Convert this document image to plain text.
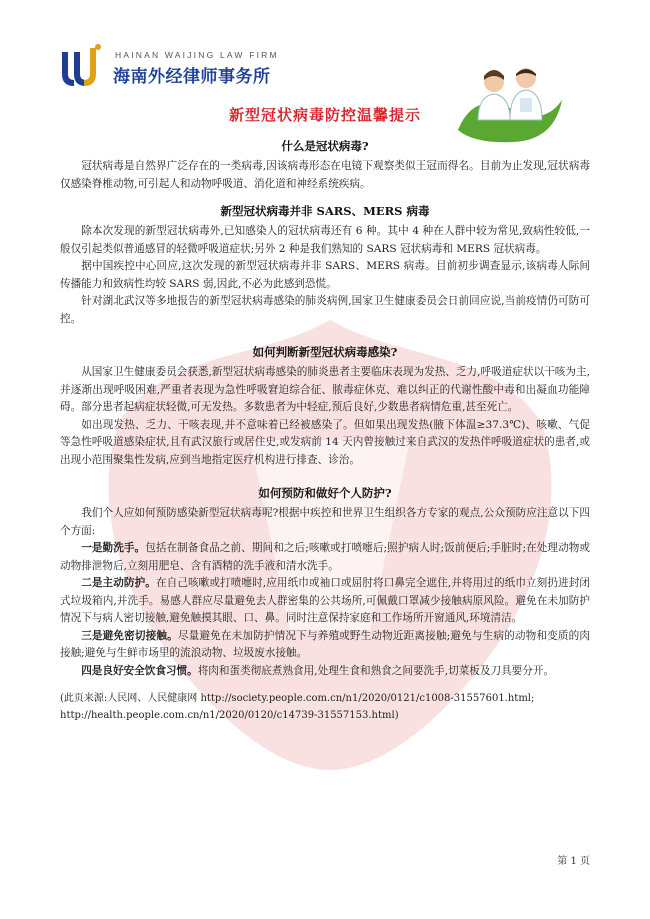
HAINAN WAIJING LAW FIRM
海南外经律师事务所
新型冠状病毒防控温馨提示
什么是冠状病毒?

冠状病毒是自然界广泛存在的一类病毒,因该病毒形态在电镜下观察类似王冠而得名。目前为止发现,冠状病毒仅感染脊椎动物,可引起人和动物呼吸道、消化道和神经系统疾病。

新型冠状病毒并非 SARS、MERS 病毒

除本次发现的新型冠状病毒外,已知感染人的冠状病毒还有 6 种。其中 4 种在人群中较为常见,致病性较低,一般仅引起类似普通感冒的轻微呼吸道症状;另外 2 种是我们熟知的 SARS 冠状病毒和 MERS 冠状病毒。

据中国疾控中心回应,这次发现的新型冠状病毒并非 SARS、MERS 病毒。目前初步调查显示,该病毒人际间传播能力和致病性均较 SARS 弱,因此,不必为此感到恐慌。

针对湖北武汉等多地报告的新型冠状病毒感染的肺炎病例,国家卫生健康委员会日前回应说,当前疫情仍可防可控。

如何判断新型冠状病毒感染?

从国家卫生健康委员会获悉,新型冠状病毒感染的肺炎患者主要临床表现为发热、乏力,呼吸道症状以干咳为主,并逐渐出现呼吸困难,严重者表现为急性呼吸窘迫综合征、脓毒症休克、难以纠正的代谢性酸中毒和出凝血功能障碍。部分患者起病症状轻微,可无发热。多数患者为中轻症,预后良好,少数患者病情危重,甚至死亡。

如出现发热、乏力、干咳表现,并不意味着已经被感染了。但如果出现发热(腋下体温≥37.3℃)、咳嗽、气促等急性呼吸道感染症状,且有武汉旅行或居住史,或发病前 14 天内曾接触过来自武汉的发热伴呼吸道症状的患者,或出现小范围聚集性发病,应到当地指定医疗机构进行排查、诊治。

如何预防和做好个人防护?

我们个人应如何预防感染新型冠状病毒呢?根据中疾控和世界卫生组织各方专家的观点,公众预防应注意以下四个方面:

一是勤洗手。包括在制备食品之前、期间和之后;咳嗽或打喷嚏后;照护病人时;饭前便后;手脏时;在处理动物或动物排泄物后,立刻用肥皂、含有酒精的洗手液和清水洗手。

二是主动防护。在自己咳嗽或打喷嚏时,应用纸巾或袖口或屈肘将口鼻完全遮住,并将用过的纸巾立刻扔进封闭式垃圾箱内,并洗手。易感人群应尽量避免去人群密集的公共场所,可佩戴口罩减少接触病原风险。避免在未加防护情况下与病人密切接触,避免触摸其眼、口、鼻。同时注意保持家庭和工作场所开窗通风,环境清洁。

三是避免密切接触。尽量避免在未加防护情况下与养殖或野生动物近距离接触;避免与生病的动物和变质的肉接触;避免与生鲜市场里的流浪动物、垃圾废水接触。

四是良好安全饮食习惯。将肉和蛋类彻底煮熟食用,处理生食和熟食之间要洗手,切菜板及刀具要分开。

(此页来源:人民网、人民健康网 http://society.people.com.cn/n1/2020/0121/c1008-31557601.html; http://health.people.com.cn/n1/2020/0120/c14739-31557153.html)
第 1 页
